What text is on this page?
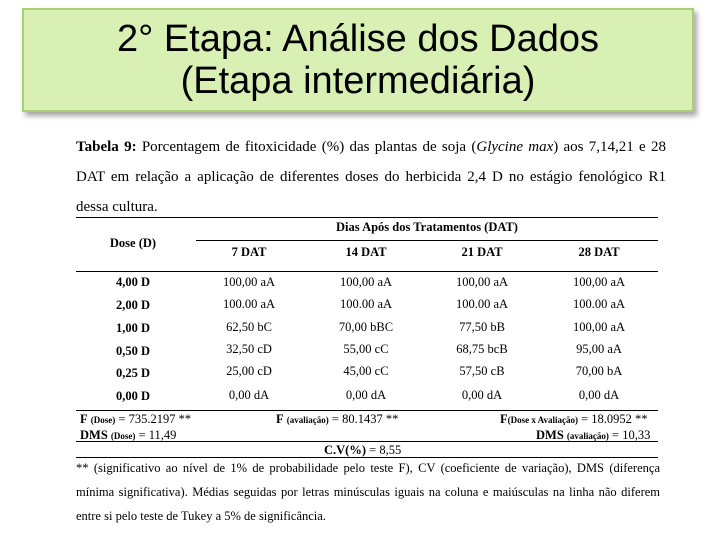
2° Etapa: Análise dos Dados
(Etapa intermediária)
Tabela 9: Porcentagem de fitoxicidade (%) das plantas de soja (Glycine max) aos 7,14,21 e 28 DAT em relação a aplicação de diferentes doses do herbicida 2,4 D no estágio fenológico R1 dessa cultura.
Dose (D)
Dias Após dos Tratamentos (DAT)
7 DAT	14 DAT	21 DAT	28 DAT
4,00 D	100,00 aA	100,00 aA	100,00 aA	100,00 aA
2,00 D	100.00 aA	100.00 aA	100.00 aA	100.00 aA
1,00 D	62,50 bC	70,00 bBC	77,50 bB	100,00 aA
0,50 D	32,50 cD	55,00 cC	68,75 bcB	95,00 aA
0,25 D	25,00 cD	45,00 cC	57,50 cB	70,00 bA
0,00 D	0,00 dA	0,00 dA	0,00 dA	0,00 dA
F (Dose) = 735.2197 **	F (avaliação) = 80.1437 **	F(Dose x Avaliação) = 18.0952 **
DMS (Dose) = 11,49	DMS (avaliação) = 10,33
C.V(%) = 8,55
** (significativo ao nível de 1% de probabilidade pelo teste F), CV (coeficiente de variação), DMS (diferença mínima significativa). Médias seguidas por letras minúsculas iguais na coluna e maiúsculas na linha não diferem entre si pelo teste de Tukey a 5% de significância.
